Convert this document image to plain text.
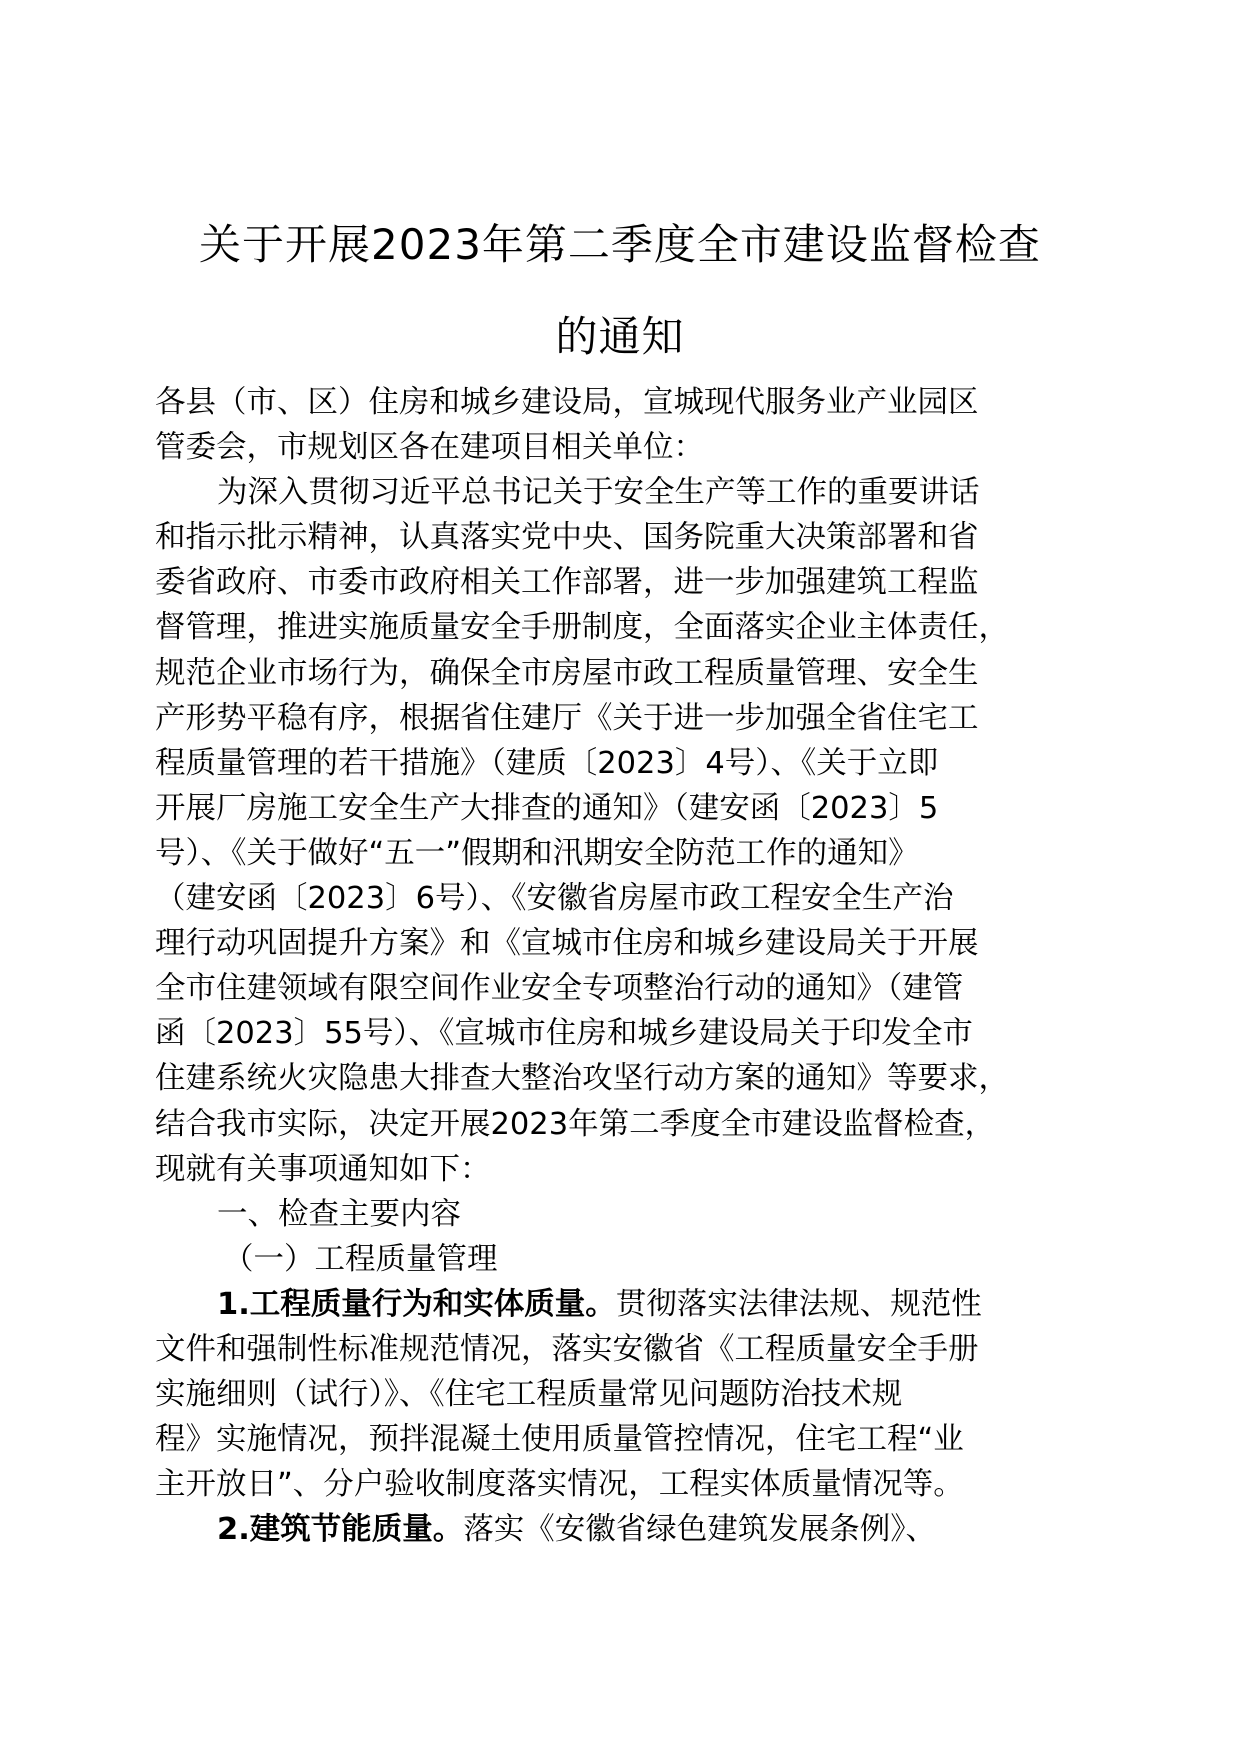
关于开展2023年第二季度全市建设监督检查
的通知
各县（市、区）住房和城乡建设局，宣城现代服务业产业园区
管委会，市规划区各在建项目相关单位：
为深入贯彻习近平总书记关于安全生产等工作的重要讲话
和指示批示精神，认真落实党中央、国务院重大决策部署和省
委省政府、市委市政府相关工作部署，进一步加强建筑工程监
督管理，推进实施质量安全手册制度，全面落实企业主体责任，
规范企业市场行为，确保全市房屋市政工程质量管理、安全生
产形势平稳有序，根据省住建厅《关于进一步加强全省住宅工
程质量管理的若干措施》（建质〔2023〕4号）、《关于立即
开展厂房施工安全生产大排查的通知》（建安函〔2023〕5
号）、《关于做好“五一”假期和汛期安全防范工作的通知》
（建安函〔2023〕6号）、《安徽省房屋市政工程安全生产治
理行动巩固提升方案》和《宣城市住房和城乡建设局关于开展
全市住建领域有限空间作业安全专项整治行动的通知》（建管
函〔2023〕55号）、《宣城市住房和城乡建设局关于印发全市
住建系统火灾隐患大排查大整治攻坚行动方案的通知》等要求，
结合我市实际，决定开展2023年第二季度全市建设监督检查，
现就有关事项通知如下：
一、检查主要内容
（一）工程质量管理
1.工程质量行为和实体质量。贯彻落实法律法规、规范性
文件和强制性标准规范情况，落实安徽省《工程质量安全手册
实施细则（试行）》、《住宅工程质量常见问题防治技术规
程》实施情况，预拌混凝土使用质量管控情况，住宅工程“业
主开放日”、分户验收制度落实情况，工程实体质量情况等。
2.建筑节能质量。落实《安徽省绿色建筑发展条例》、
